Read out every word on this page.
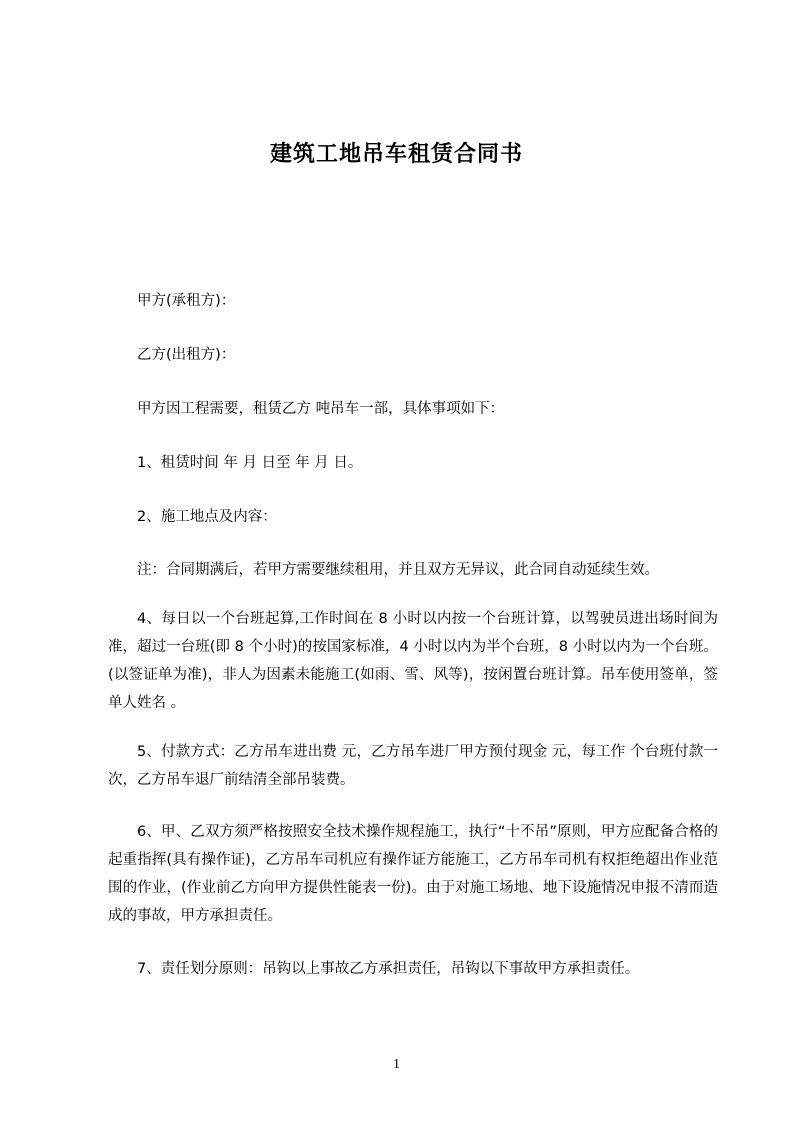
建筑工地吊车租赁合同书
甲方(承租方)：
乙方(出租方)：
甲方因工程需要，租赁乙方 吨吊车一部，具体事项如下：
1、租赁时间 年 月 日至 年 月 日。
2、施工地点及内容：
注：合同期满后，若甲方需要继续租用，并且双方无异议，此合同自动延续生效。

4、每日以一个台班起算,工作时间在 8 小时以内按一个台班计算，以驾驶员进出场时间为准，超过一台班(即 8 个小时)的按国家标准，4 小时以内为半个台班，8 小时以内为一个台班。(以签证单为准)，非人为因素未能施工(如雨、雪、风等)，按闲置台班计算。吊车使用签单，签单人姓名 。

5、付款方式：乙方吊车进出费 元，乙方吊车进厂甲方预付现金 元，每工作 个台班付款一次，乙方吊车退厂前结清全部吊装费。

6、甲、乙双方须严格按照安全技术操作规程施工，执行“十不吊”原则，甲方应配备合格的起重指挥(具有操作证)，乙方吊车司机应有操作证方能施工，乙方吊车司机有权拒绝超出作业范围的作业，(作业前乙方向甲方提供性能表一份)。由于对施工场地、地下设施情况申报不清而造成的事故，甲方承担责任。

7、责任划分原则：吊钩以上事故乙方承担责任，吊钩以下事故甲方承担责任。
1
